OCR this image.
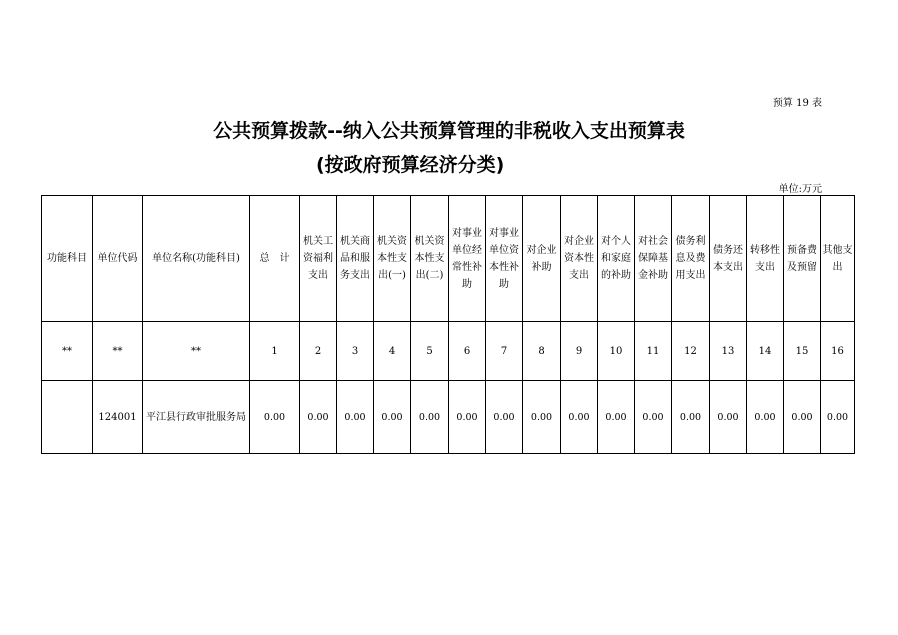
预算 19 表
公共预算拨款--纳入公共预算管理的非税收入支出预算表
(按政府预算经济分类)
单位:万元
功能科目	单位代码	单位名称(功能科目)	总　计	机关工资福利支出	机关商品和服务支出	机关资本性支出(一)	机关资本性支出(二)	对事业单位经常性补助	对事业单位资本性补助	对企业补助	对企业资本性支出	对个人和家庭的补助	对社会保障基金补助	债务利息及费用支出	债务还本支出	转移性支出	预备费及预留	其他支出
**	**	**	1	2	3	4	5	6	7	8	9	10	11	12	13	14	15	16
	124001	平江县行政审批服务局	0.00	0.00	0.00	0.00	0.00	0.00	0.00	0.00	0.00	0.00	0.00	0.00	0.00	0.00	0.00	0.00
